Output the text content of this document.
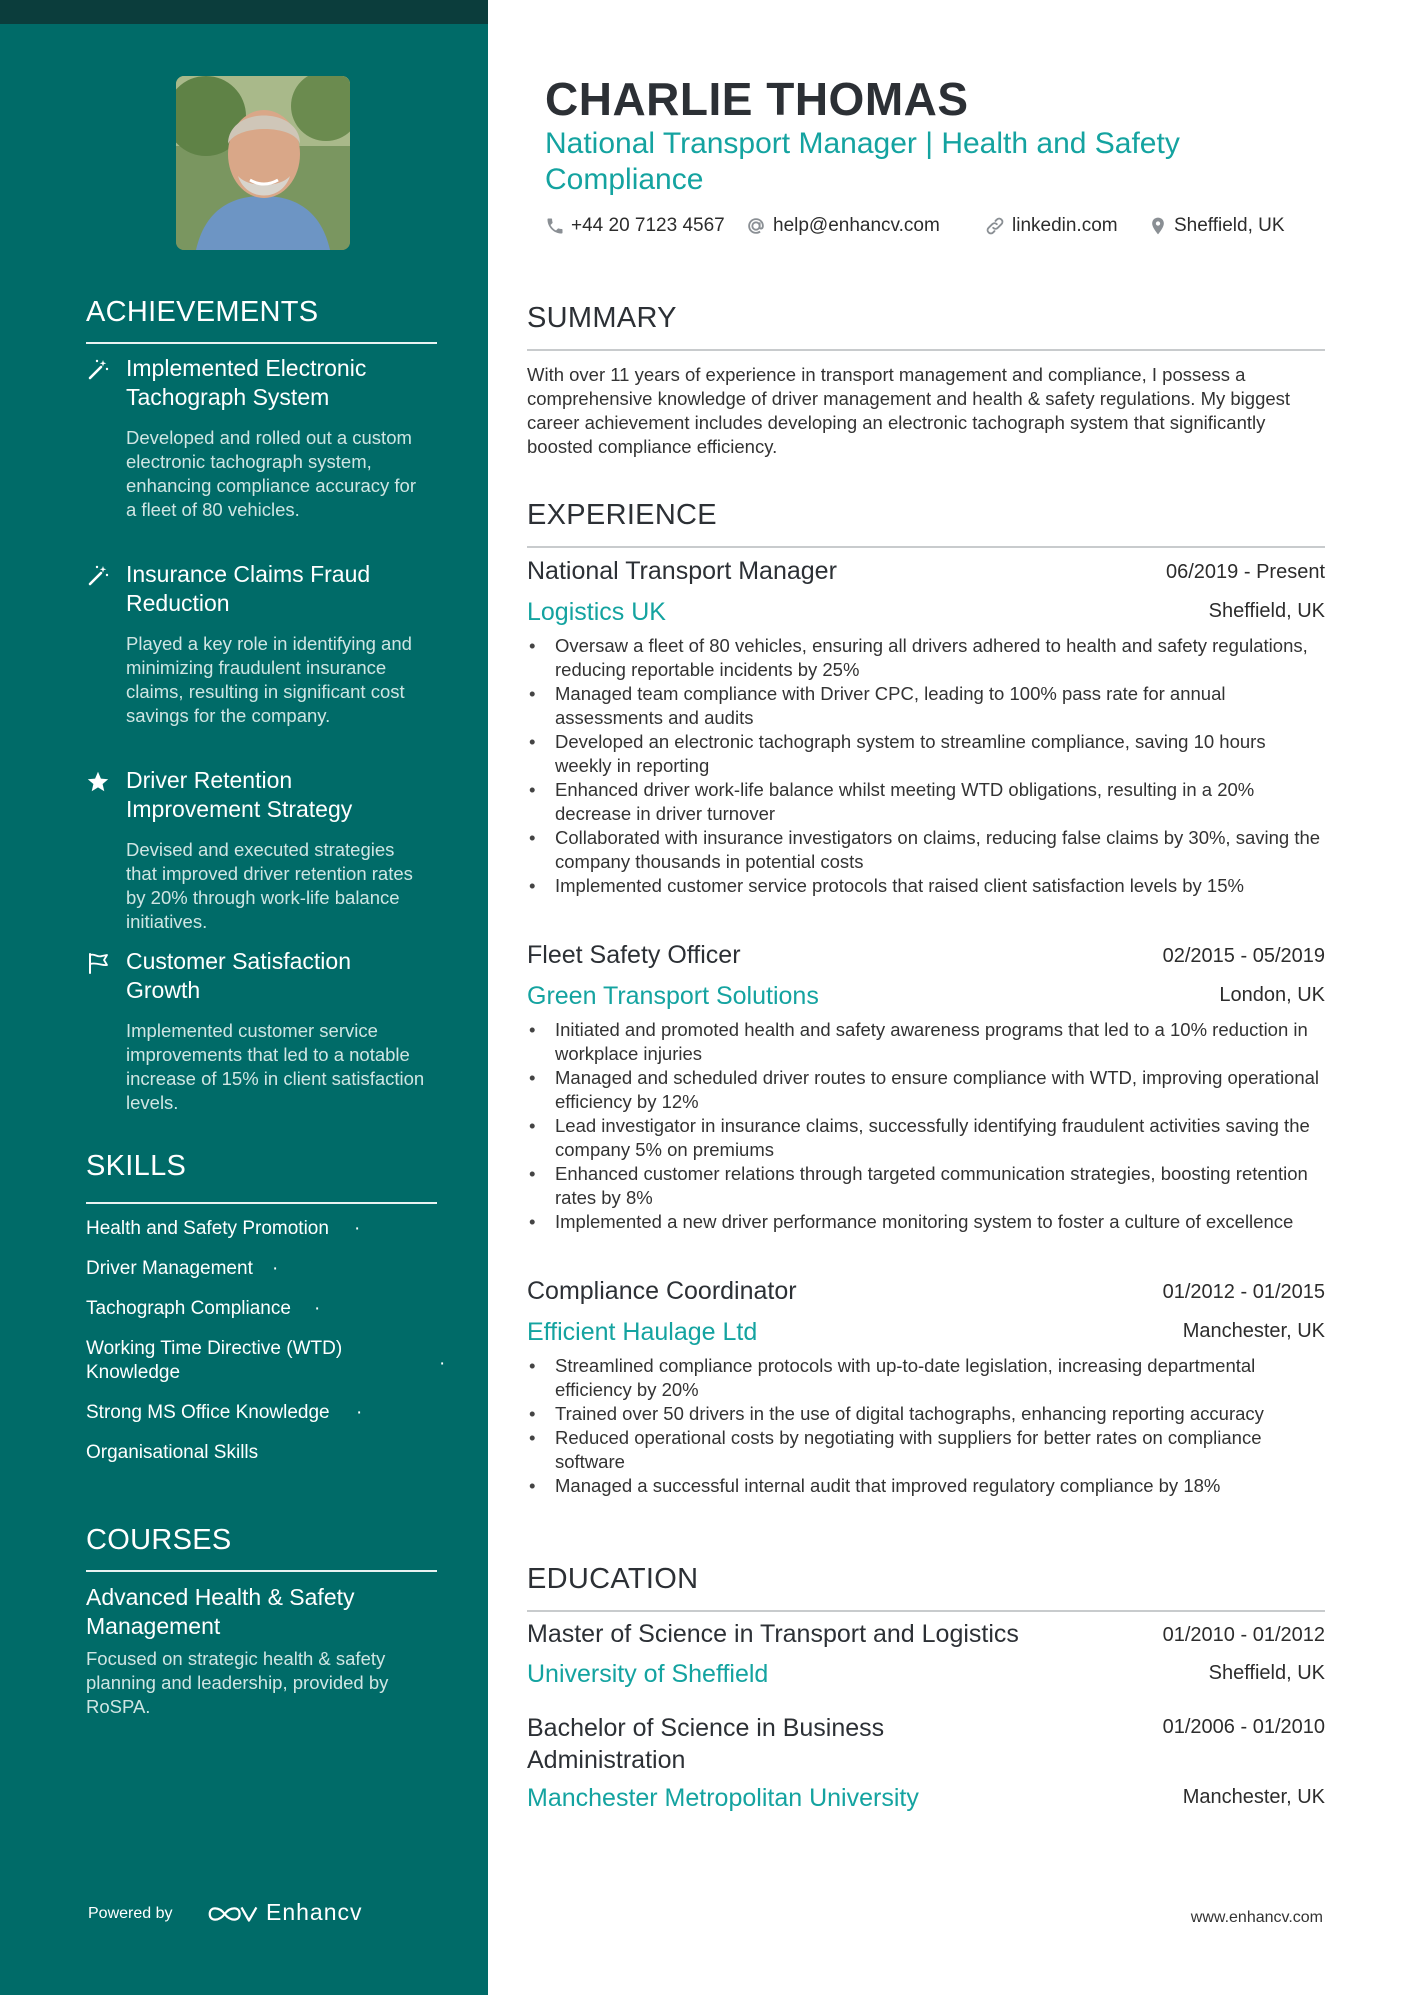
ACHIEVEMENTS
Implemented Electronic Tachograph System
Developed and rolled out a custom electronic tachograph system, enhancing compliance accuracy for a fleet of 80 vehicles.
Insurance Claims Fraud Reduction
Played a key role in identifying and minimizing fraudulent insurance claims, resulting in significant cost savings for the company.
Driver Retention Improvement Strategy
Devised and executed strategies that improved driver retention rates by 20% through work-life balance initiatives.
Customer Satisfaction Growth
Implemented customer service improvements that led to a notable increase of 15% in client satisfaction levels.
SKILLS
Health and Safety Promotion	·
Driver Management	·
Tachograph Compliance	·
Working Time Directive (WTD) Knowledge	·
Strong MS Office Knowledge	·
Organisational Skills
COURSES
Advanced Health & Safety Management
Focused on strategic health & safety planning and leadership, provided by RoSPA.
Powered by	Enhancv
CHARLIE THOMAS
National Transport Manager | Health and Safety Compliance
+44 20 7123 4567	help@enhancv.com	linkedin.com	Sheffield, UK
SUMMARY
With over 11 years of experience in transport management and compliance, I possess a comprehensive knowledge of driver management and health & safety regulations. My biggest career achievement includes developing an electronic tachograph system that significantly boosted compliance efficiency.
EXPERIENCE
National Transport Manager	06/2019 - Present
Logistics UK	Sheffield, UK
• Oversaw a fleet of 80 vehicles, ensuring all drivers adhered to health and safety regulations, reducing reportable incidents by 25%
• Managed team compliance with Driver CPC, leading to 100% pass rate for annual assessments and audits
• Developed an electronic tachograph system to streamline compliance, saving 10 hours weekly in reporting
• Enhanced driver work-life balance whilst meeting WTD obligations, resulting in a 20% decrease in driver turnover
• Collaborated with insurance investigators on claims, reducing false claims by 30%, saving the company thousands in potential costs
• Implemented customer service protocols that raised client satisfaction levels by 15%
Fleet Safety Officer	02/2015 - 05/2019
Green Transport Solutions	London, UK
• Initiated and promoted health and safety awareness programs that led to a 10% reduction in workplace injuries
• Managed and scheduled driver routes to ensure compliance with WTD, improving operational efficiency by 12%
• Lead investigator in insurance claims, successfully identifying fraudulent activities saving the company 5% on premiums
• Enhanced customer relations through targeted communication strategies, boosting retention rates by 8%
• Implemented a new driver performance monitoring system to foster a culture of excellence
Compliance Coordinator	01/2012 - 01/2015
Efficient Haulage Ltd	Manchester, UK
• Streamlined compliance protocols with up-to-date legislation, increasing departmental efficiency by 20%
• Trained over 50 drivers in the use of digital tachographs, enhancing reporting accuracy
• Reduced operational costs by negotiating with suppliers for better rates on compliance software
• Managed a successful internal audit that improved regulatory compliance by 18%
EDUCATION
Master of Science in Transport and Logistics	01/2010 - 01/2012
University of Sheffield	Sheffield, UK
Bachelor of Science in Business Administration
01/2006 - 01/2010
Manchester Metropolitan University	Manchester, UK
www.enhancv.com
